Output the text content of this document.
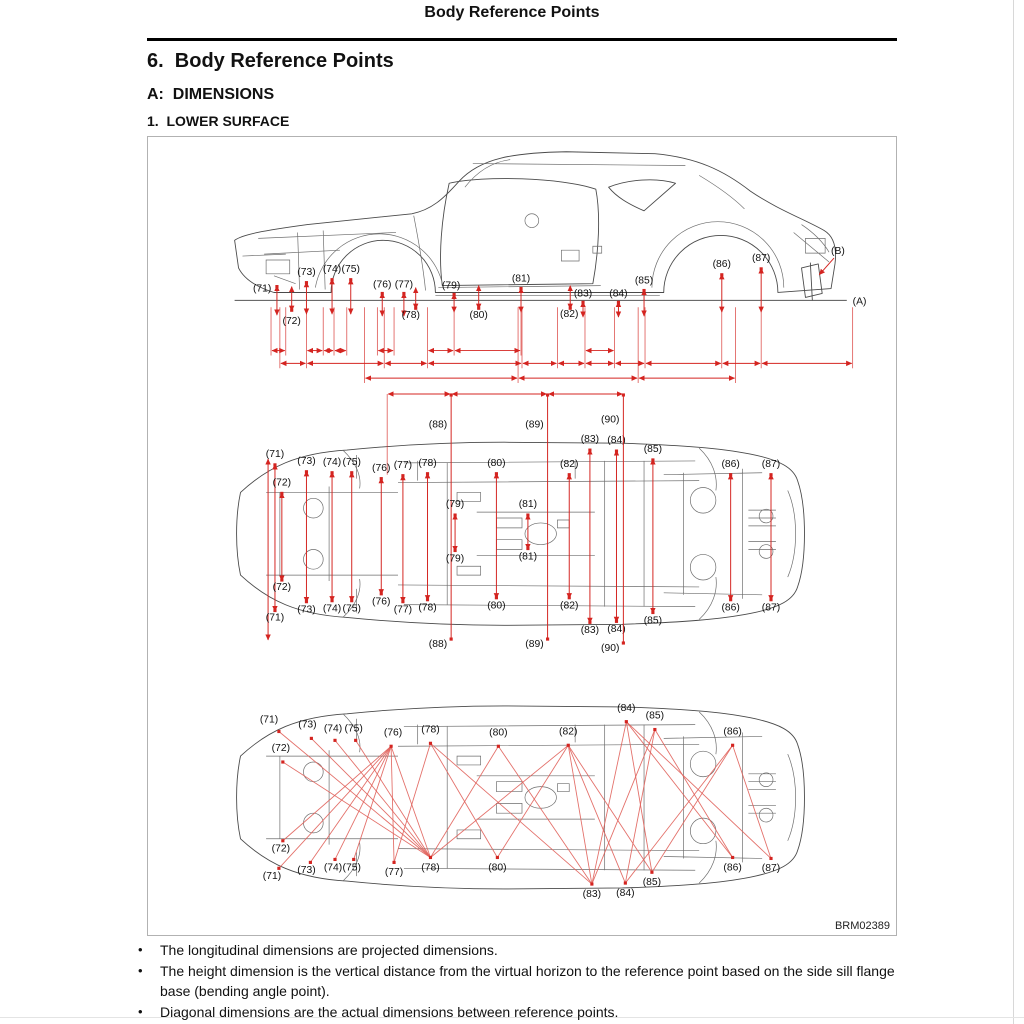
Body Reference Points
6.  Body Reference Points
A:  DIMENSIONS
1.  LOWER SURFACE
(A)
(B)
(71)
(72)
(73) (74) (75)
(76) (77)
(78)
(79)
(80)
(81)
(82)
(83) (84)
(85)
(86)
(87)
(71)
(71)
(72)
(72)
(73)
(73)
(74)
(74)
(75)
(75)
(76)
(76)
(77)
(77)
(78)
(78)
(80)
(80)
(82)
(82)
(83)
(83)
(84)
(84)
(85)
(85)
(86)
(86)
(87)
(87)
(88)
(88)
(89)
(89)
(90)
(90)
(79)
(79)
(81)
(81)
(71)
(72)
(73) (74) (75) (76) (78)	(80)	(82)
(84)
(85)
(86)
(72)
(71)
(73) (74) (75) (77) (78)	(80)
(83) (84)
(85)
(86) (87)
BRM02389
•	The longitudinal dimensions are projected dimensions.
•	The height dimension is the vertical distance from the virtual horizon to the reference point based on the side sill flange base (bending angle point).
•	Diagonal dimensions are the actual dimensions between reference points.
